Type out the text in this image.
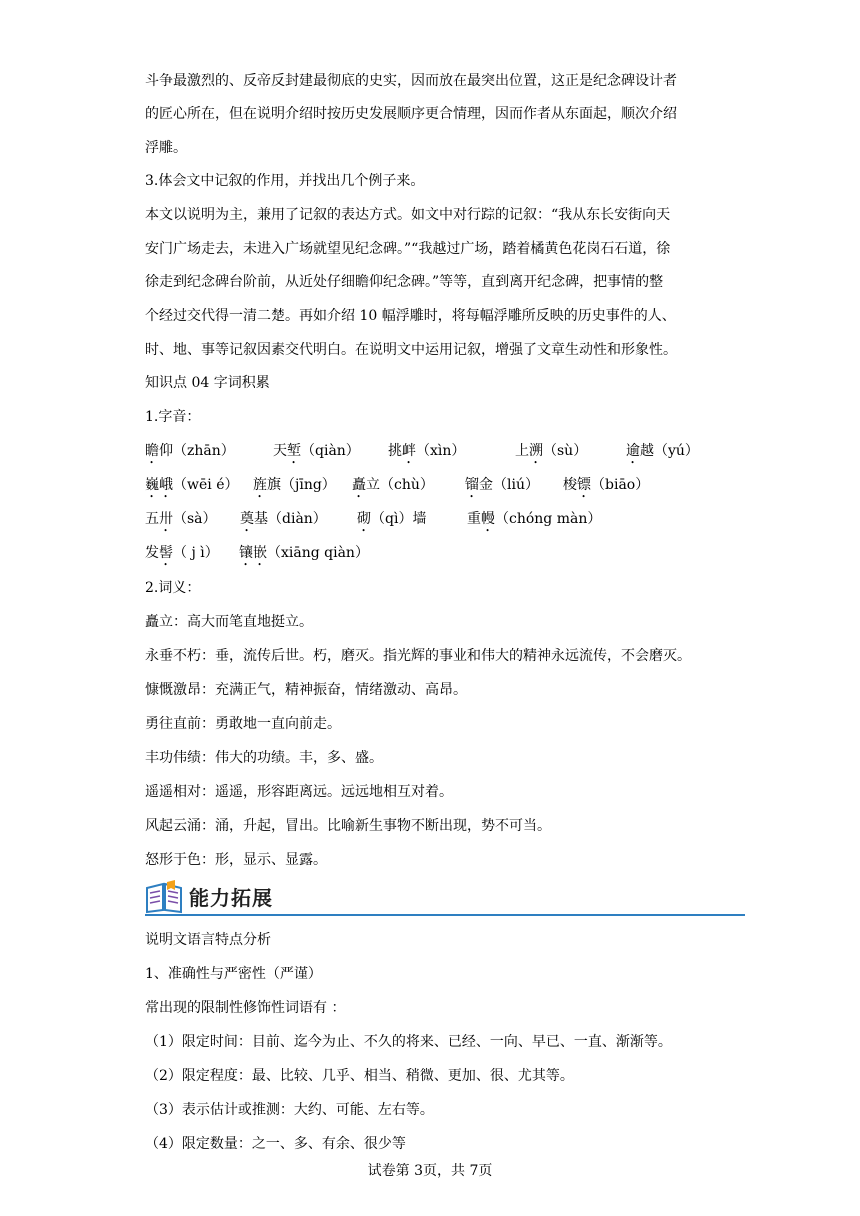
斗争最激烈的、反帝反封建最彻底的史实，因而放在最突出位置，这正是纪念碑设计者
的匠心所在，但在说明介绍时按历史发展顺序更合情理，因而作者从东面起，顺次介绍
浮雕。
3.体会文中记叙的作用，并找出几个例子来。
本文以说明为主，兼用了记叙的表达方式。如文中对行踪的记叙：“我从东长安街向天
安门广场走去，未进入广场就望见纪念碑。”“我越过广场，踏着橘黄色花岗石石道，徐
徐走到纪念碑台阶前，从近处仔细瞻仰纪念碑。”等等，直到离开纪念碑，把事情的整
个经过交代得一清二楚。再如介绍 10 幅浮雕时，将每幅浮雕所反映的历史事件的人、
时、地、事等记叙因素交代明白。在说明文中运用记叙，增强了文章生动性和形象性。
知识点 04 字词积累
1.字音：
瞻仰（zhān）	天堑（qiàn） 挑衅（xìn）	上溯（sù）	逾越（yú）
巍峨（wēi é） 旌旗（jīng） 矗立（chù） 镏金（liú） 梭镖（biāo）
五卅（sà） 奠基（diàn） 砌（qì）墙	重幔（chóng màn）
发髻（ j ì） 镶嵌（xiāng qiàn）
2.词义：
矗立：高大而笔直地挺立。
永垂不朽：垂，流传后世。朽，磨灭。指光辉的事业和伟大的精神永远流传，不会磨灭。
慷慨激昂：充满正气，精神振奋，情绪激动、高昂。
勇往直前：勇敢地一直向前走。
丰功伟绩：伟大的功绩。丰，多、盛。
遥遥相对：遥遥，形容距离远。远远地相互对着。
风起云涌：涌，升起，冒出。比喻新生事物不断出现，势不可当。
怒形于色：形，显示、显露。
能力拓展
说明文语言特点分析
1、准确性与严密性（严谨）
常出现的限制性修饰性词语有 ：
（1）限定时间：目前、迄今为止、不久的将来、已经、一向、早已、一直、渐渐等。
（2）限定程度：最、比较、几乎、相当、稍微、更加、很、尤其等。
（3）表示估计或推测：大约、可能、左右等。
（4）限定数量：之一、多、有余、很少等
试卷第 3页，共 7页
